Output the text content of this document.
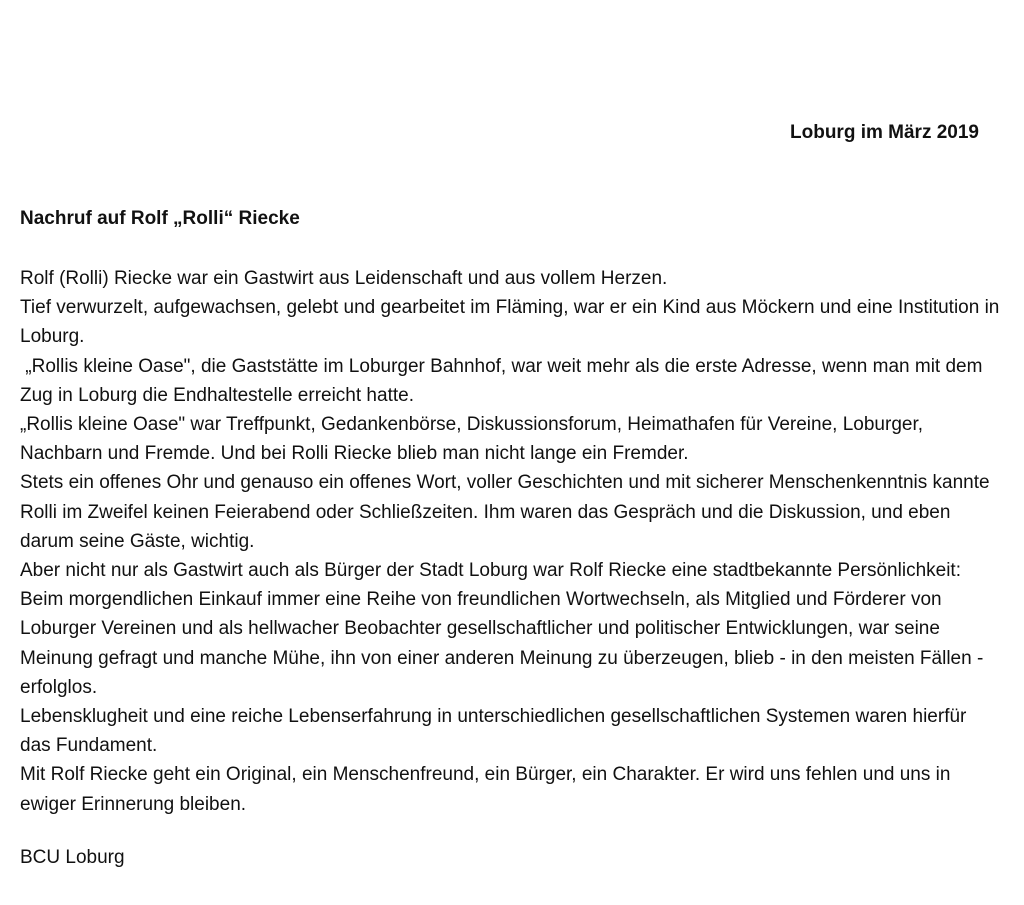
Loburg im März 2019
Nachruf auf Rolf „Rolli“ Riecke

Rolf (Rolli) Riecke war ein Gastwirt aus Leidenschaft und aus vollem Herzen.

Tief verwurzelt, aufgewachsen, gelebt und gearbeitet im Fläming, war er ein Kind aus Möckern und eine Institution in Loburg.

„Rollis kleine Oase", die Gaststätte im Loburger Bahnhof, war weit mehr als die erste Adresse, wenn man mit dem Zug in Loburg die Endhaltestelle erreicht hatte.

„Rollis kleine Oase" war Treffpunkt, Gedankenbörse, Diskussionsforum, Heimathafen für Vereine, Loburger, Nachbarn und Fremde. Und bei Rolli Riecke blieb man nicht lange ein Fremder.

Stets ein offenes Ohr und genauso ein offenes Wort, voller Geschichten und mit sicherer Menschenkenntnis kannte Rolli im Zweifel keinen Feierabend oder Schließzeiten. Ihm waren das Gespräch und die Diskussion, und eben darum seine Gäste, wichtig.

Aber nicht nur als Gastwirt auch als Bürger der Stadt Loburg war Rolf Riecke eine stadtbekannte Persönlichkeit: Beim morgendlichen Einkauf immer eine Reihe von freundlichen Wortwechseln, als Mitglied und Förderer von Loburger Vereinen und als hellwacher Beobachter gesellschaftlicher und politischer Entwicklungen, war seine Meinung gefragt und manche Mühe, ihn von einer anderen Meinung zu überzeugen, blieb - in den meisten Fällen - erfolglos.

Lebensklugheit und eine reiche Lebenserfahrung in unterschiedlichen gesellschaftlichen Systemen waren hierfür das Fundament.

Mit Rolf Riecke geht ein Original, ein Menschenfreund, ein Bürger, ein Charakter. Er wird uns fehlen und uns in ewiger Erinnerung bleiben.

BCU Loburg
